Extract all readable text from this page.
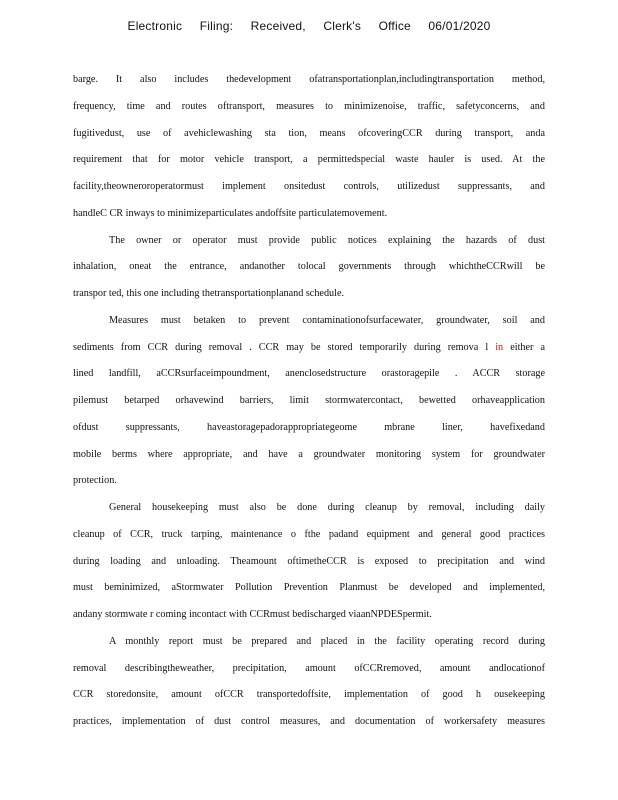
Electronic Filing: Received, Clerk's Office 06/01/2020
barge. It also includes thedevelopment ofatransportationplan,includingtransportation method,
frequency, time and routes oftransport, measures to minimizenoise, traffic, safetyconcerns, and
fugitivedust, use of avehiclewashing sta tion, means ofcoveringCCR during transport, anda
requirement that for motor vehicle transport, a permittedspecial waste hauler is used. At the
facility,theowneroroperatormust implement onsitedust controls, utilizedust suppressants, and
handleC CR inways to minimizeparticulates andoffsite particulatemovement.
The owner or operator must provide public notices explaining the hazards of dust
inhalation, oneat the entrance, andanother tolocal governments through whichtheCCRwill be
transpor ted, this one including thetransportationplanand schedule.
Measures must betaken to prevent contaminationofsurfacewater, groundwater, soil and
sediments from CCR during removal . CCR may be stored temporarily during remova l in either a
lined landfill, aCCRsurfaceimpoundment, anenclosedstructure orastoragepile . ACCR storage
pilemust betarped orhavewind barriers, limit stormwatercontact, bewetted orhaveapplication
ofdust suppressants, haveastoragepadorappropriategeome mbrane liner, havefixedand
mobile berms where appropriate, and have a groundwater monitoring system for groundwater
protection.
General housekeeping must also be done during cleanup by removal, including daily
cleanup of CCR, truck tarping, maintenance o fthe padand equipment and general good practices
during loading and unloading. Theamount oftimetheCCR is exposed to precipitation and wind
must beminimized, aStormwater Pollution Prevention Planmust be developed and implemented,
andany stormwate r coming incontact with CCRmust bedischarged viaanNPDESpermit.
A monthly report must be prepared and placed in the facility operating record during
removal describingtheweather, precipitation, amount ofCCRremoved, amount andlocationof
CCR storedonsite, amount ofCCR transportedoffsite, implementation of good h ousekeeping
practices, implementation of dust control measures, and documentation of workersafety measures
